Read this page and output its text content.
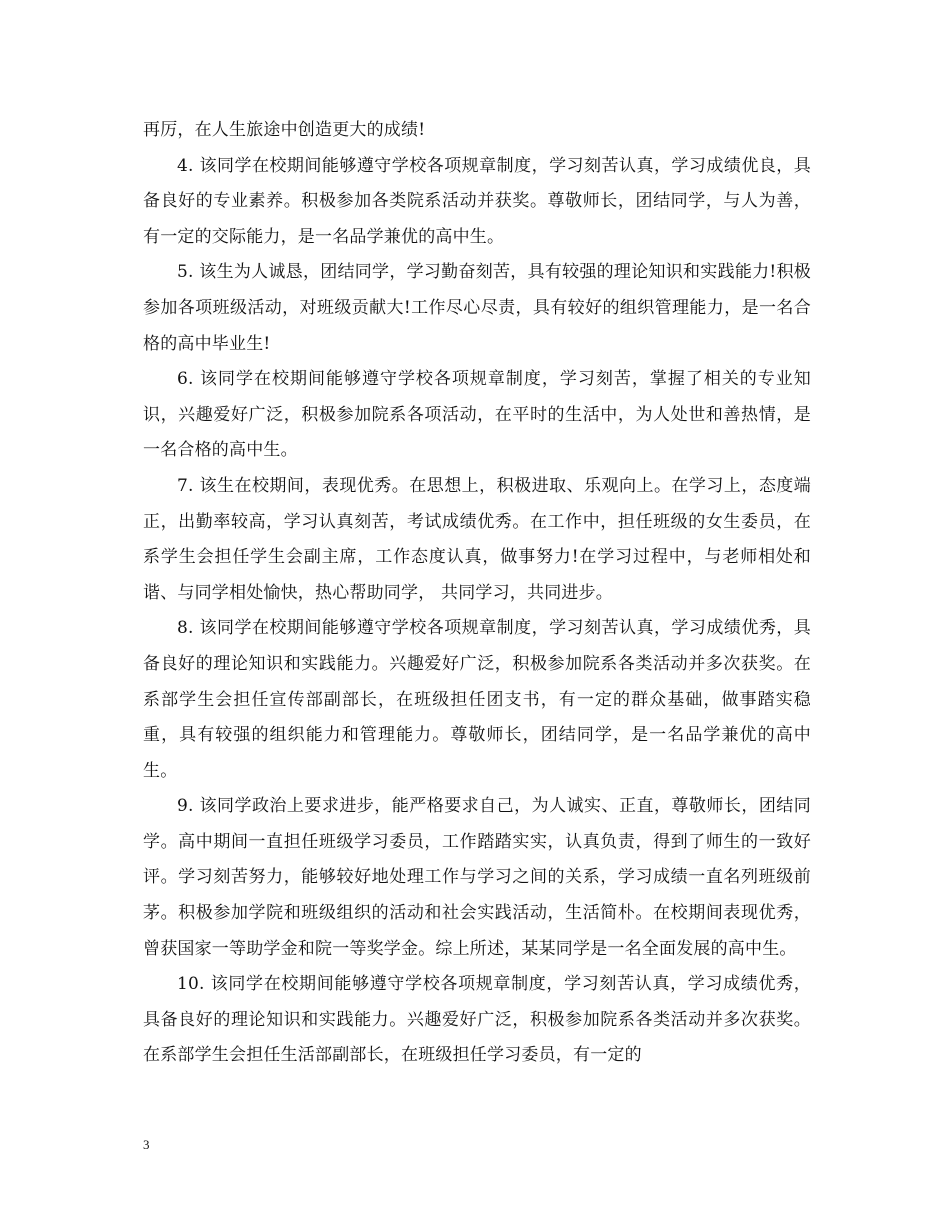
再厉，在人生旅途中创造更大的成绩!

4. 该同学在校期间能够遵守学校各项规章制度，学习刻苦认真，学习成绩优良，具备良好的专业素养。积极参加各类院系活动并获奖。尊敬师长，团结同学，与人为善，有一定的交际能力，是一名品学兼优的高中生。

5. 该生为人诚恳，团结同学，学习勤奋刻苦，具有较强的理论知识和实践能力!积极参加各项班级活动，对班级贡献大!工作尽心尽责，具有较好的组织管理能力，是一名合格的高中毕业生!

6. 该同学在校期间能够遵守学校各项规章制度，学习刻苦，掌握了相关的专业知识，兴趣爱好广泛，积极参加院系各项活动，在平时的生活中，为人处世和善热情，是一名合格的高中生。

7. 该生在校期间，表现优秀。在思想上，积极进取、乐观向上。在学习上，态度端正，出勤率较高，学习认真刻苦，考试成绩优秀。在工作中，担任班级的女生委员，在系学生会担任学生会副主席，工作态度认真，做事努力!在学习过程中，与老师相处和谐、与同学相处愉快，热心帮助同学， 共同学习，共同进步。

8. 该同学在校期间能够遵守学校各项规章制度，学习刻苦认真，学习成绩优秀，具备良好的理论知识和实践能力。兴趣爱好广泛，积极参加院系各类活动并多次获奖。在系部学生会担任宣传部副部长，在班级担任团支书，有一定的群众基础，做事踏实稳重，具有较强的组织能力和管理能力。尊敬师长，团结同学，是一名品学兼优的高中生。

9. 该同学政治上要求进步，能严格要求自己，为人诚实、正直，尊敬师长，团结同学。高中期间一直担任班级学习委员，工作踏踏实实，认真负责，得到了师生的一致好评。学习刻苦努力，能够较好地处理工作与学习之间的关系，学习成绩一直名列班级前茅。积极参加学院和班级组织的活动和社会实践活动，生活简朴。在校期间表现优秀，曾获国家一等助学金和院一等奖学金。综上所述，某某同学是一名全面发展的高中生。

10. 该同学在校期间能够遵守学校各项规章制度，学习刻苦认真，学习成绩优秀，具备良好的理论知识和实践能力。兴趣爱好广泛，积极参加院系各类活动并多次获奖。在系部学生会担任生活部副部长，在班级担任学习委员，有一定的

3
